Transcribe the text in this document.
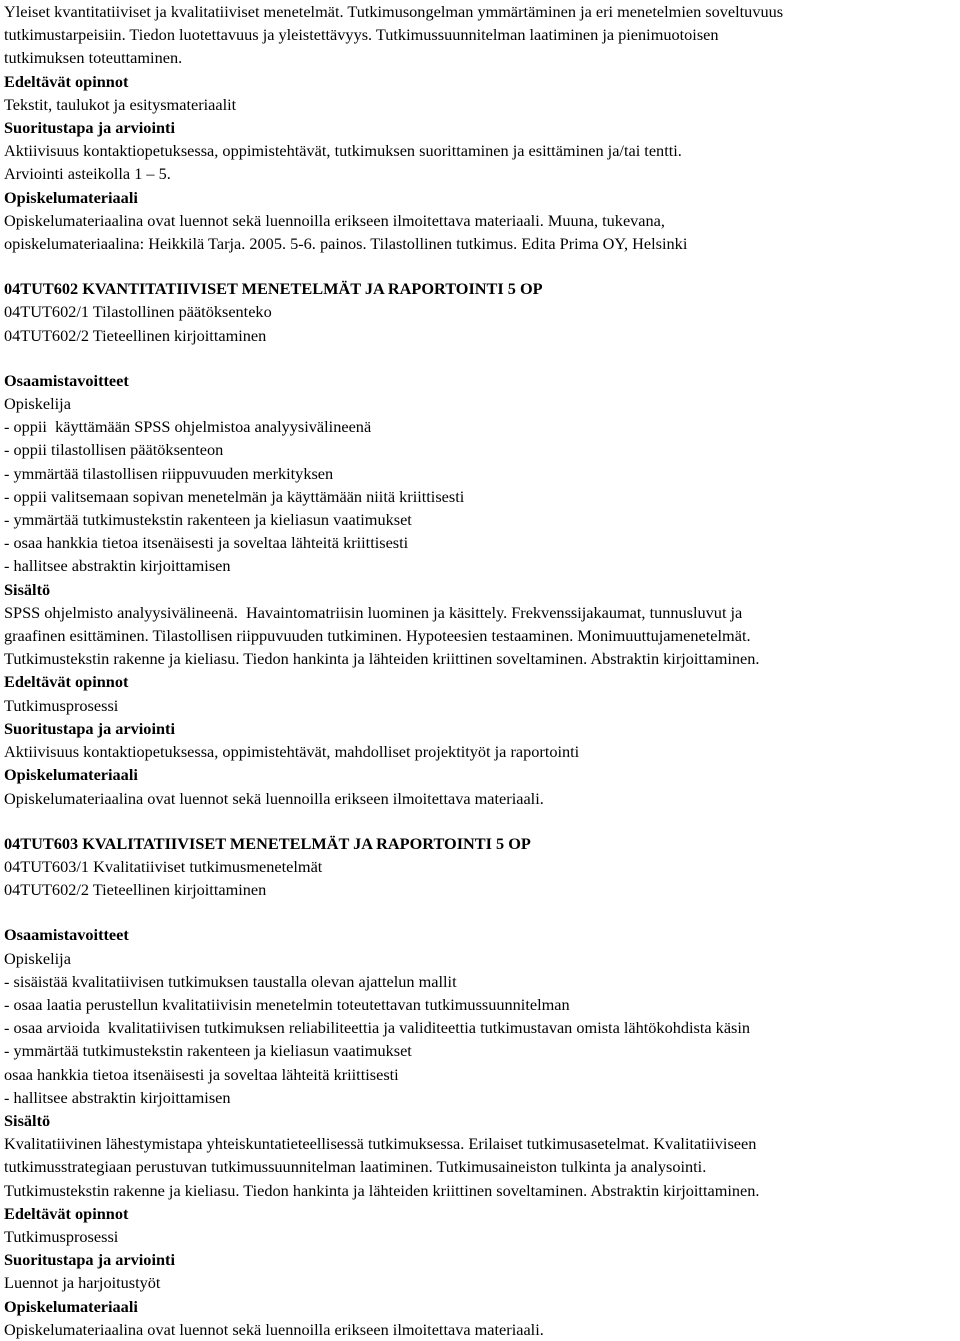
Yleiset kvantitatiiviset ja kvalitatiiviset menetelmät. Tutkimusongelman ymmärtäminen ja eri menetelmien soveltuvuus
tutkimustarpeisiin. Tiedon luotettavuus ja yleistettävyys. Tutkimussuunnitelman laatiminen ja pienimuotoisen
tutkimuksen toteuttaminen.
Edeltävät opinnot
Tekstit, taulukot ja esitysmateriaalit
Suoritustapa ja arviointi
Aktiivisuus kontaktiopetuksessa, oppimistehtävät, tutkimuksen suorittaminen ja esittäminen ja/tai tentti.
Arviointi asteikolla 1 – 5.
Opiskelumateriaali
Opiskelumateriaalina ovat luennot sekä luennoilla erikseen ilmoitettava materiaali. Muuna, tukevana,
opiskelumateriaalina: Heikkilä Tarja. 2005. 5-6. painos. Tilastollinen tutkimus. Edita Prima OY, Helsinki
04TUT602 KVANTITATIIVISET MENETELMÄT JA RAPORTOINTI 5 OP
04TUT602/1 Tilastollinen päätöksenteko
04TUT602/2 Tieteellinen kirjoittaminen
Osaamistavoitteet
Opiskelija
- oppii  käyttämään SPSS ohjelmistoa analyysivälineenä
- oppii tilastollisen päätöksenteon
- ymmärtää tilastollisen riippuvuuden merkityksen
- oppii valitsemaan sopivan menetelmän ja käyttämään niitä kriittisesti
- ymmärtää tutkimustekstin rakenteen ja kieliasun vaatimukset
- osaa hankkia tietoa itsenäisesti ja soveltaa lähteitä kriittisesti
- hallitsee abstraktin kirjoittamisen
Sisältö
SPSS ohjelmisto analyysivälineenä.  Havaintomatriisin luominen ja käsittely. Frekvenssijakaumat, tunnusluvut ja
graafinen esittäminen. Tilastollisen riippuvuuden tutkiminen. Hypoteesien testaaminen. Monimuuttujamenetelmät.
Tutkimustekstin rakenne ja kieliasu. Tiedon hankinta ja lähteiden kriittinen soveltaminen. Abstraktin kirjoittaminen.
Edeltävät opinnot
Tutkimusprosessi
Suoritustapa ja arviointi
Aktiivisuus kontaktiopetuksessa, oppimistehtävät, mahdolliset projektityöt ja raportointi
Opiskelumateriaali
Opiskelumateriaalina ovat luennot sekä luennoilla erikseen ilmoitettava materiaali.
04TUT603 KVALITATIIVISET MENETELMÄT JA RAPORTOINTI 5 OP
04TUT603/1 Kvalitatiiviset tutkimusmenetelmät
04TUT602/2 Tieteellinen kirjoittaminen
Osaamistavoitteet
Opiskelija
- sisäistää kvalitatiivisen tutkimuksen taustalla olevan ajattelun mallit
- osaa laatia perustellun kvalitatiivisin menetelmin toteutettavan tutkimussuunnitelman
- osaa arvioida  kvalitatiivisen tutkimuksen reliabiliteettia ja validiteettia tutkimustavan omista lähtökohdista käsin
- ymmärtää tutkimustekstin rakenteen ja kieliasun vaatimukset
osaa hankkia tietoa itsenäisesti ja soveltaa lähteitä kriittisesti
- hallitsee abstraktin kirjoittamisen
Sisältö
Kvalitatiivinen lähestymistapa yhteiskuntatieteellisessä tutkimuksessa. Erilaiset tutkimusasetelmat. Kvalitatiiviseen
tutkimusstrategiaan perustuvan tutkimussuunnitelman laatiminen. Tutkimusaineiston tulkinta ja analysointi.
Tutkimustekstin rakenne ja kieliasu. Tiedon hankinta ja lähteiden kriittinen soveltaminen. Abstraktin kirjoittaminen.
Edeltävät opinnot
Tutkimusprosessi
Suoritustapa ja arviointi
Luennot ja harjoitustyöt
Opiskelumateriaali
Opiskelumateriaalina ovat luennot sekä luennoilla erikseen ilmoitettava materiaali.
